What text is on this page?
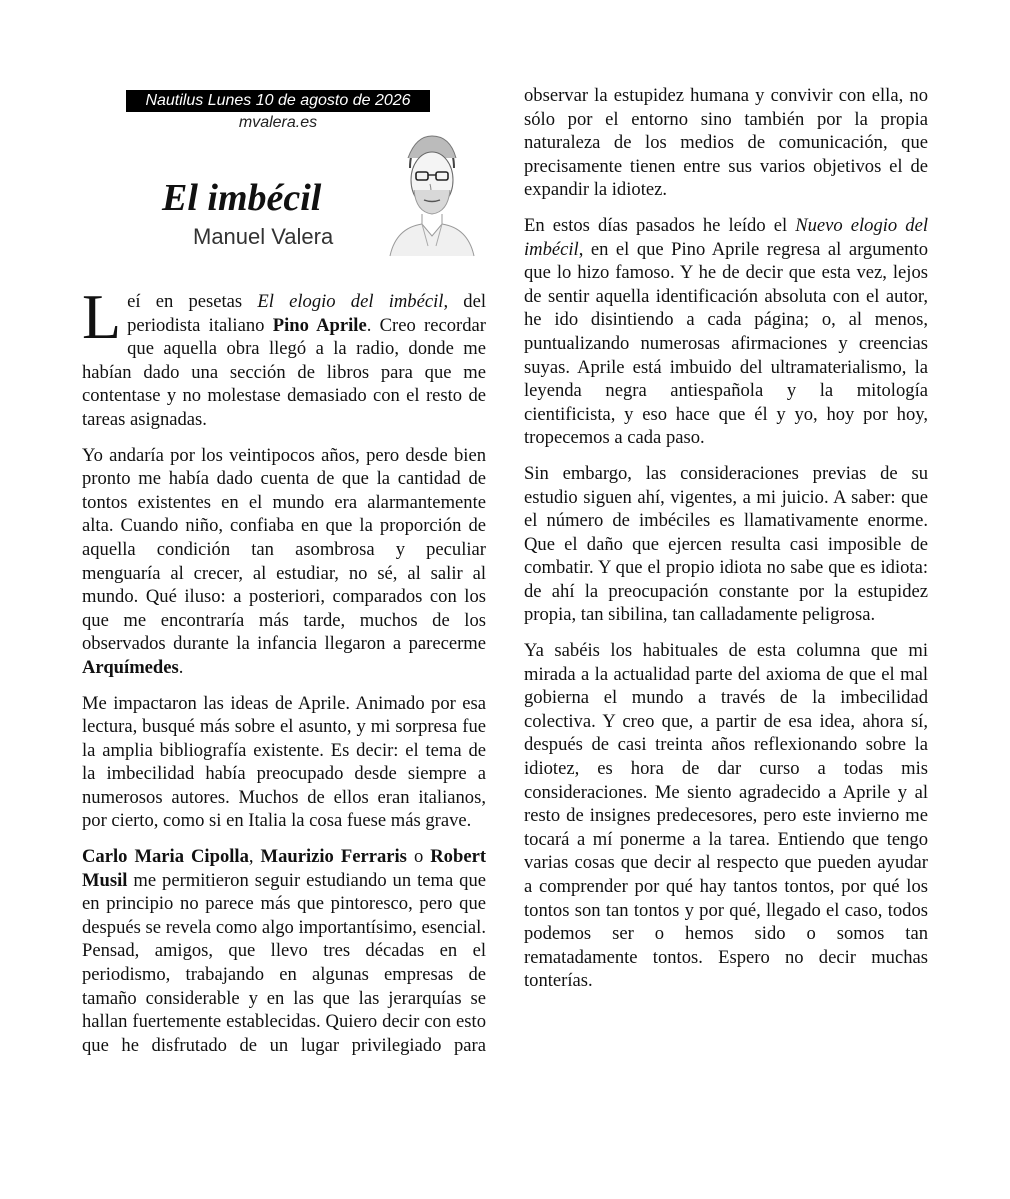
Nautilus Lunes 10 de agosto de 2026
mvalera.es
El imbécil
Manuel Valera

Leí en pesetas El elogio del imbécil, del periodista italiano Pino Aprile. Creo recordar que aquella obra llegó a la radio, donde me habían dado una sección de libros para que me contentase y no molestase demasiado con el resto de tareas asignadas.

Yo andaría por los veintipocos años, pero desde bien pronto me había dado cuenta de que la cantidad de tontos existentes en el mundo era alarmantemente alta. Cuando niño, confiaba en que la proporción de aquella condición tan asombrosa y peculiar menguaría al crecer, al estudiar, no sé, al salir al mundo. Qué iluso: a posteriori, comparados con los que me encontraría más tarde, muchos de los observados durante la infancia llegaron a parecerme Arquímedes.

Me impactaron las ideas de Aprile. Animado por esa lectura, busqué más sobre el asunto, y mi sorpresa fue la amplia bibliografía existente. Es decir: el tema de la imbecilidad había preocupado desde siempre a numerosos autores. Muchos de ellos eran italianos, por cierto, como si en Italia la cosa fuese más grave.

Carlo Maria Cipolla, Maurizio Ferraris o Robert Musil me permitieron seguir estudiando un tema que en principio no parece más que pintoresco, pero que después se revela como algo importantísimo, esencial. Pensad, amigos, que llevo tres décadas en el periodismo, trabajando en algunas empresas de tamaño considerable y en las que las jerarquías se hallan fuertemente establecidas. Quiero decir con esto que he disfrutado de un lugar privilegiado para

observar la estupidez humana y convivir con ella, no sólo por el entorno sino también por la propia naturaleza de los medios de comunicación, que precisamente tienen entre sus varios objetivos el de expandir la idiotez.

En estos días pasados he leído el Nuevo elogio del imbécil, en el que Pino Aprile regresa al argumento que lo hizo famoso. Y he de decir que esta vez, lejos de sentir aquella identificación absoluta con el autor, he ido disintiendo a cada página; o, al menos, puntualizando numerosas afirmaciones y creencias suyas. Aprile está imbuido del ultramaterialismo, la leyenda negra antiespañola y la mitología cientificista, y eso hace que él y yo, hoy por hoy, tropecemos a cada paso.

Sin embargo, las consideraciones previas de su estudio siguen ahí, vigentes, a mi juicio. A saber: que el número de imbéciles es llamativamente enorme. Que el daño que ejercen resulta casi imposible de combatir. Y que el propio idiota no sabe que es idiota: de ahí la preocupación constante por la estupidez propia, tan sibilina, tan calladamente peligrosa.

Ya sabéis los habituales de esta columna que mi mirada a la actualidad parte del axioma de que el mal gobierna el mundo a través de la imbecilidad colectiva. Y creo que, a partir de esa idea, ahora sí, después de casi treinta años reflexionando sobre la idiotez, es hora de dar curso a todas mis consideraciones. Me siento agradecido a Aprile y al resto de insignes predecesores, pero este invierno me tocará a mí ponerme a la tarea. Entiendo que tengo varias cosas que decir al respecto que pueden ayudar a comprender por qué hay tantos tontos, por qué los tontos son tan tontos y por qué, llegado el caso, todos podemos ser o hemos sido o somos tan rematadamente tontos. Espero no decir muchas tonterías.
